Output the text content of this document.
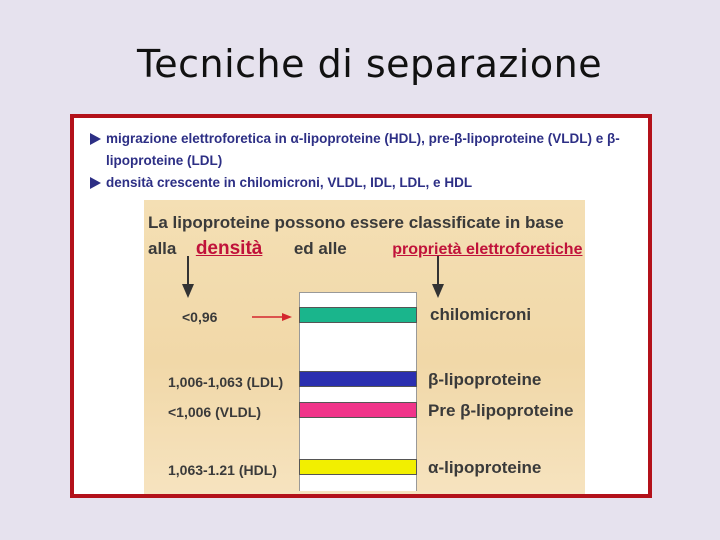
Tecniche di separazione
migrazione elettroforetica in α-lipoproteine (HDL), pre-β-lipoproteine (VLDL) e β-lipoproteine (LDL)
densità crescente in chilomicroni, VLDL, IDL, LDL, e HDL
La lipoproteine possono essere classificate in base
alla densità ed alle	proprietà elettroforetiche
<0,96	chilomicroni
1,006-1,063 (LDL)	β-lipoproteine
<1,006 (VLDL)	Pre β-lipoproteine
1,063-1.21 (HDL)	α-lipoproteine
